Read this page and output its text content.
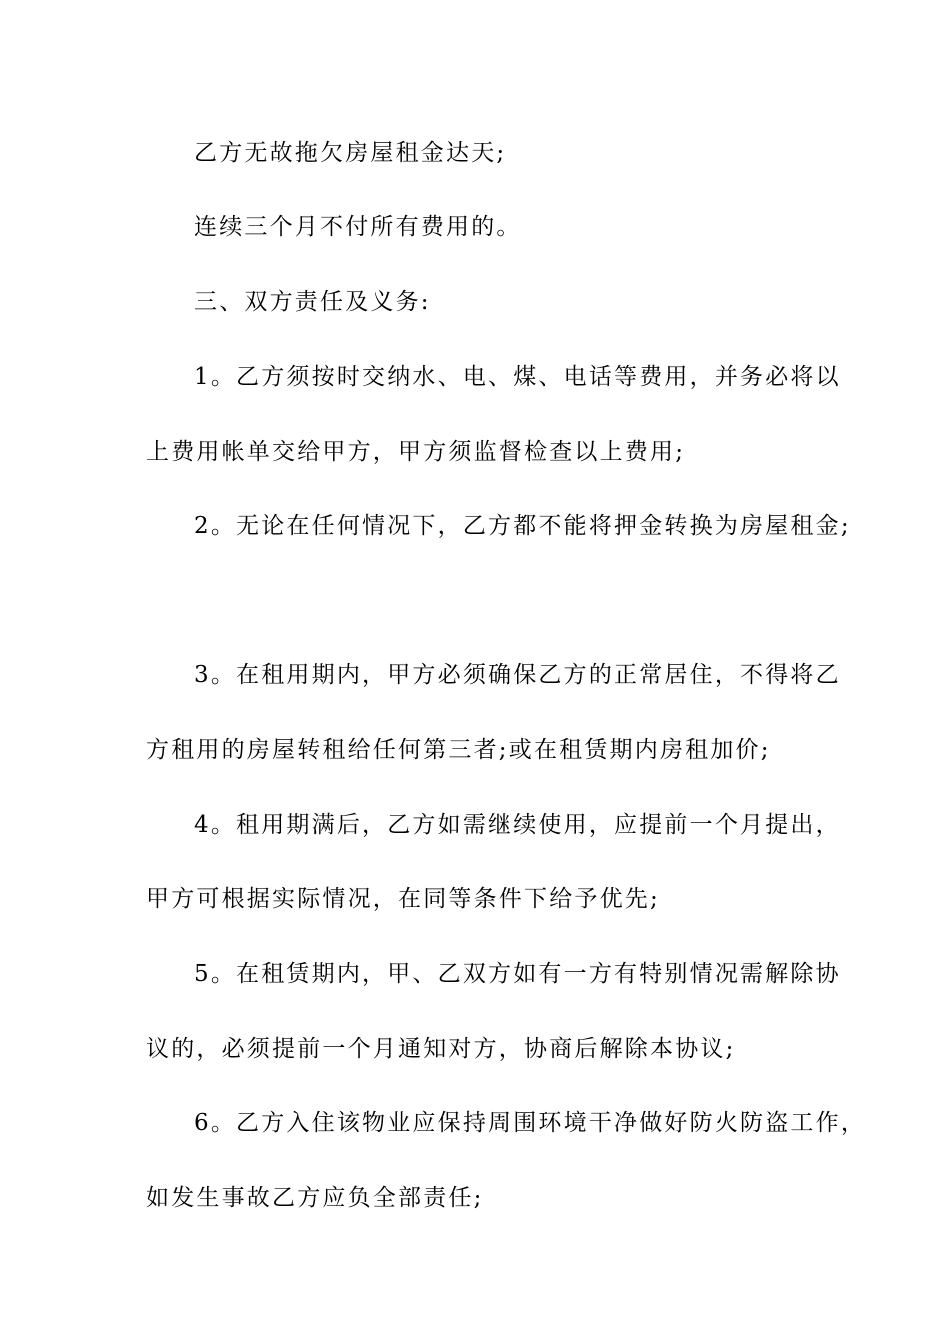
乙方无故拖欠房屋租金达天;
连续三个月不付所有费用的。
三、双方责任及义务:
1。乙方须按时交纳水、电、煤、电话等费用，并务必将以
上费用帐单交给甲方，甲方须监督检查以上费用;
2。无论在任何情况下，乙方都不能将押金转换为房屋租金;
3。在租用期内，甲方必须确保乙方的正常居住，不得将乙
方租用的房屋转租给任何第三者;或在租赁期内房租加价;
4。租用期满后，乙方如需继续使用，应提前一个月提出，
甲方可根据实际情况，在同等条件下给予优先;
5。在租赁期内，甲、乙双方如有一方有特别情况需解除协
议的，必须提前一个月通知对方，协商后解除本协议;
6。乙方入住该物业应保持周围环境干净做好防火防盗工作，
如发生事故乙方应负全部责任;
